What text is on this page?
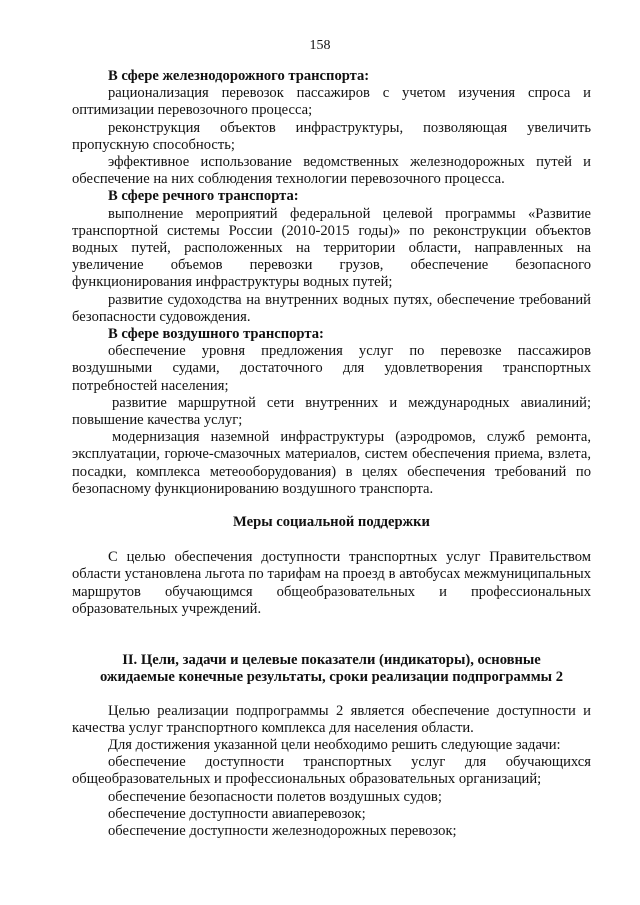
158

В сфере железнодорожного транспорта:

рационализация перевозок пассажиров с учетом изучения спроса и оптимизации перевозочного процесса;

реконструкция объектов инфраструктуры, позволяющая увеличить пропускную способность;

эффективное использование ведомственных железнодорожных путей и обеспечение на них соблюдения технологии перевозочного процесса.

В сфере речного транспорта:

выполнение мероприятий федеральной целевой программы «Развитие транспортной системы России (2010-2015 годы)» по реконструкции объектов водных путей, расположенных на территории области, направленных на увеличение объемов перевозки грузов, обеспечение безопасного функционирования инфраструктуры водных путей;

развитие судоходства на внутренних водных путях, обеспечение требований безопасности судовождения.

В сфере воздушного транспорта:

обеспечение уровня предложения услуг по перевозке пассажиров воздушными судами, достаточного для удовлетворения транспортных потребностей населения;

развитие маршрутной сети внутренних и международных авиалиний; повышение качества услуг;

модернизация наземной инфраструктуры (аэродромов, служб ремонта, эксплуатации, горюче-смазочных материалов, систем обеспечения приема, взлета, посадки, комплекса метеооборудования) в целях обеспечения требований по безопасному функционированию воздушного транспорта.

Меры социальной поддержки

С целью обеспечения доступности транспортных услуг Правительством области установлена льгота по тарифам на проезд в автобусах межмуниципальных маршрутов обучающимся общеобразовательных и профессиональных образовательных учреждений.

II. Цели, задачи и целевые показатели (индикаторы), основные

ожидаемые конечные результаты, сроки реализации подпрограммы 2

Целью реализации подпрограммы 2 является обеспечение доступности и качества услуг транспортного комплекса для населения области.

Для достижения указанной цели необходимо решить следующие задачи:

обеспечение доступности транспортных услуг для обучающихся общеобразовательных и профессиональных образовательных организаций;

обеспечение безопасности полетов воздушных судов;

обеспечение доступности авиаперевозок;

обеспечение доступности железнодорожных перевозок;
